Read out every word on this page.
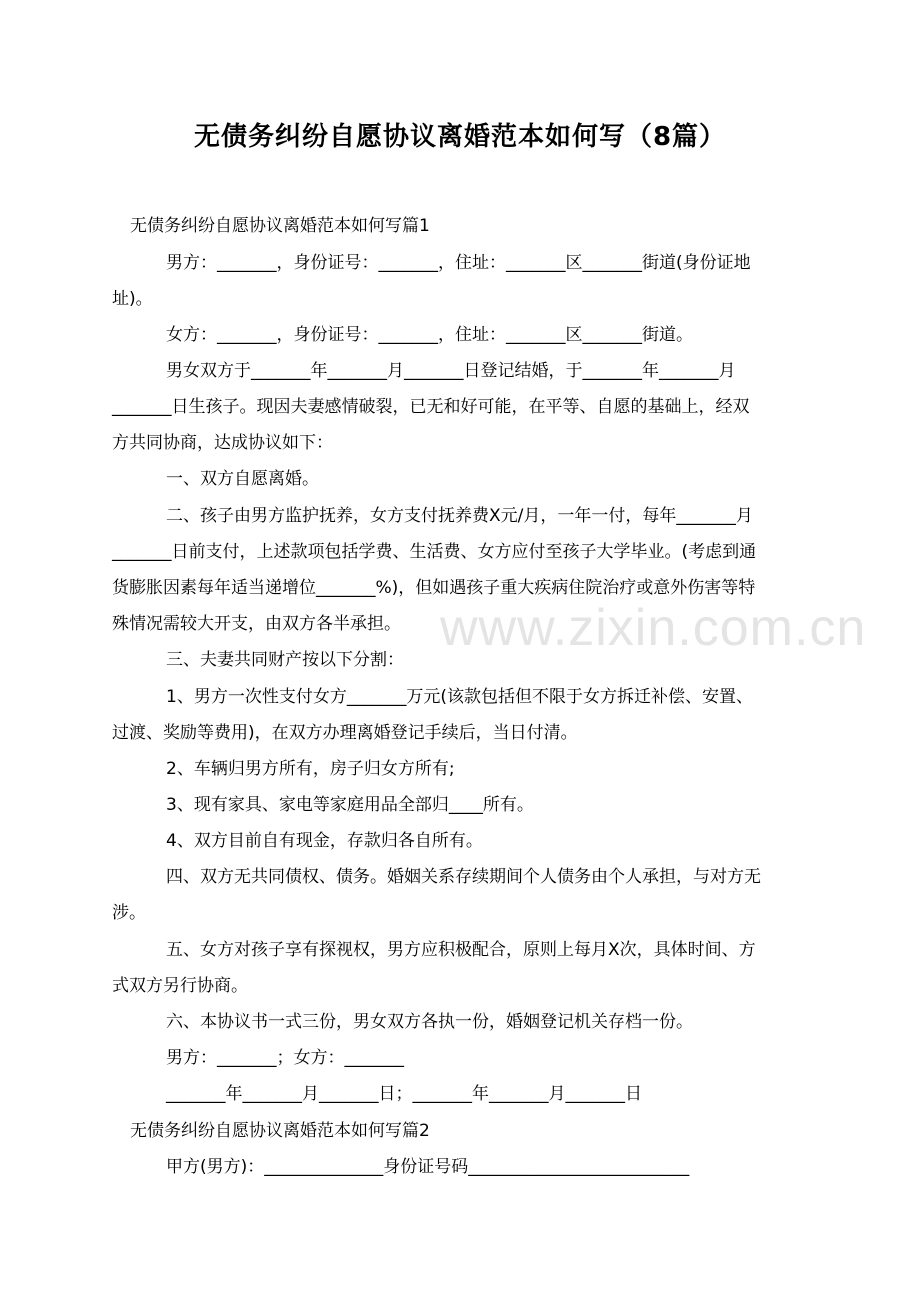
www.zixin.com.cn
无债务纠纷自愿协议离婚范本如何写（8篇）
无债务纠纷自愿协议离婚范本如何写篇1
男方：_______，身份证号：_______，住址：_______区_______街道(身份证地
址)。
女方：_______，身份证号：_______，住址：_______区_______街道。
男女双方于_______年_______月_______日登记结婚，于_______年_______月
_______日生孩子。现因夫妻感情破裂，已无和好可能，在平等、自愿的基础上，经双
方共同协商，达成协议如下：
一、双方自愿离婚。
二、孩子由男方监护抚养，女方支付抚养费X元/月，一年一付，每年_______月
_______日前支付，上述款项包括学费、生活费、女方应付至孩子大学毕业。(考虑到通
货膨胀因素每年适当递增位_______%)，但如遇孩子重大疾病住院治疗或意外伤害等特
殊情况需较大开支，由双方各半承担。
三、夫妻共同财产按以下分割：
1、男方一次性支付女方_______万元(该款包括但不限于女方拆迁补偿、安置、
过渡、奖励等费用)，在双方办理离婚登记手续后，当日付清。
2、车辆归男方所有，房子归女方所有;
3、现有家具、家电等家庭用品全部归____所有。
4、双方目前自有现金，存款归各自所有。
四、双方无共同债权、债务。婚姻关系存续期间个人债务由个人承担，与对方无
涉。
五、女方对孩子享有探视权，男方应积极配合，原则上每月X次，具体时间、方
式双方另行协商。
六、本协议书一式三份，男女双方各执一份，婚姻登记机关存档一份。
男方：_______；女方：_______
_______年_______月_______日；_______年_______月_______日
无债务纠纷自愿协议离婚范本如何写篇2
甲方(男方)：______________身份证号码__________________________
